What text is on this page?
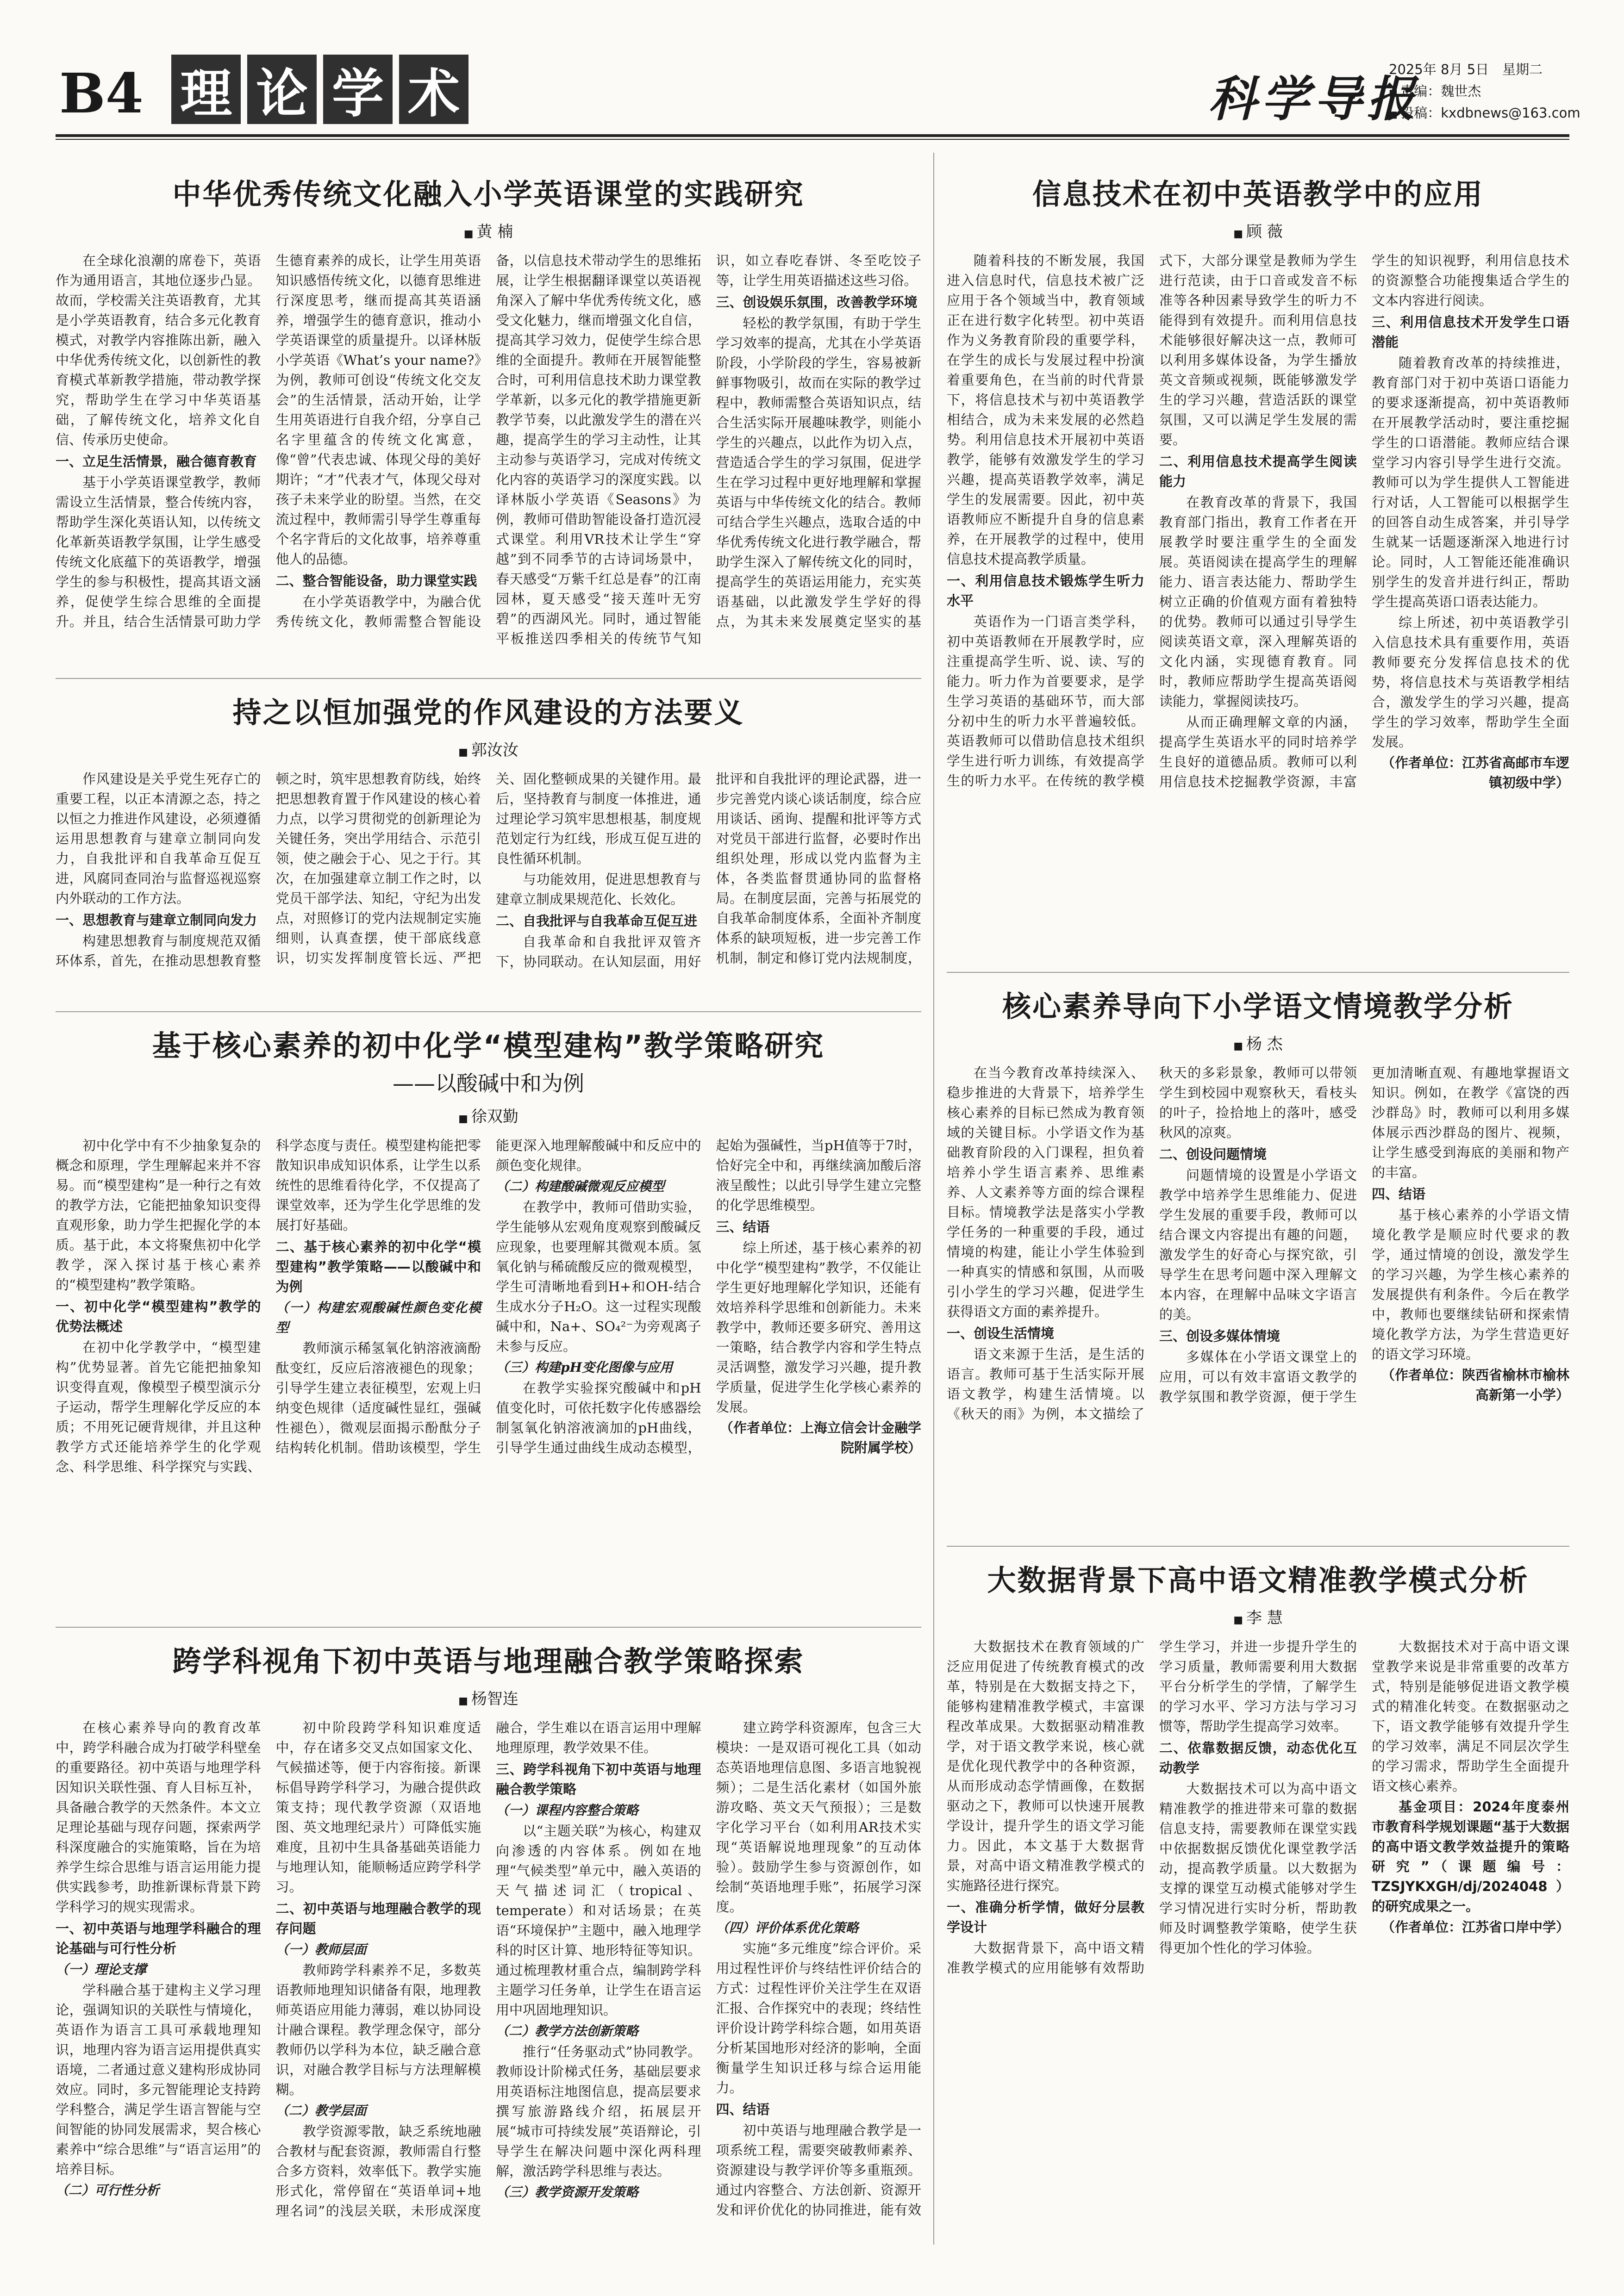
B4 理 论 学 术	科学导报
2025年 8月 5日　星期二
■ 责编：魏世杰
■ 投稿：kxdbnews@163.com
中华优秀传统文化融入小学英语课堂的实践研究
■ 黄 楠

在全球化浪潮的席卷下，英语作为通用语言，其地位逐步凸显。故而，学校需关注英语教育，尤其是小学英语教育，结合多元化教育模式，对教学内容推陈出新，融入中华优秀传统文化，以创新性的教育模式革新教学措施，带动教学探究，帮助学生在学习中华英语基础，了解传统文化，培养文化自信、传承历史使命。

一、立足生活情景，融合德育教育

基于小学英语课堂教学，教师需设立生活情景，整合传统内容，帮助学生深化英语认知，以传统文化革新英语教学氛围，让学生感受传统文化底蕴下的英语教学，增强学生的参与积极性，提高其语文涵养，促使学生综合思维的全面提升。并且，结合生活情景可助力学生德育素养的成长，让学生用英语知识感悟传统文化，以德育思维进行深度思考，继而提高其英语涵养，增强学生的德育意识，推动小学英语课堂的质量提升。以译林版小学英语《What’s your name?》为例，教师可创设“传统文化交友会”的生活情景，活动开始，让学生用英语进行自我介绍，分享自己名字里蕴含的传统文化寓意，像“曾”代表忠诚、体现父母的美好期许；“才”代表才气，体现父母对孩子未来学业的盼望。当然，在交流过程中，教师需引导学生尊重每个名字背后的文化故事，培养尊重他人的品德。

二、整合智能设备，助力课堂实践

在小学英语教学中，为融合优秀传统文化，教师需整合智能设备，以信息技术带动学生的思维拓展，让学生根据翻译课堂以英语视角深入了解中华优秀传统文化，感受文化魅力，继而增强文化自信，提高其学习效力，促使学生综合思维的全面提升。教师在开展智能整合时，可利用信息技术助力课堂教学革新，以多元化的教学措施更新教学节奏，以此激发学生的潜在兴趣，提高学生的学习主动性，让其主动参与英语学习，完成对传统文化内容的英语学习的深度实践。以译林版小学英语《Seasons》为例，教师可借助智能设备打造沉浸式课堂。利用VR技术让学生“穿越”到不同季节的古诗词场景中，春天感受“万紫千红总是春”的江南园林，夏天感受“接天莲叶无穷碧”的西湖风光。同时，通过智能平板推送四季相关的传统节气知识，如立春吃春饼、冬至吃饺子等，让学生用英语描述这些习俗。

三、创设娱乐氛围，改善教学环境

轻松的教学氛围，有助于学生学习效率的提高，尤其在小学英语阶段，小学阶段的学生，容易被新鲜事物吸引，故而在实际的教学过程中，教师需整合英语知识点，结合生活实际开展趣味教学，则能小学生的兴趣点，以此作为切入点，营造适合学生的学习氛围，促进学生在学习过程中更好地理解和掌握英语与中华传统文化的结合。教师可结合学生兴趣点，选取合适的中华优秀传统文化进行教学融合，帮助学生深入了解传统文化的同时，提高学生的英语运用能力，充实英语基础，以此激发学生学好的得点，为其未来发展奠定坚实的基

持之以恒加强党的作风建设的方法要义
■ 郭汝汝

作风建设是关乎党生死存亡的重要工程，以正本清源之态，持之以恒之力推进作风建设，必须遵循运用思想教育与建章立制同向发力，自我批评和自我革命互促互进，风腐同查同治与监督巡视巡察内外联动的工作方法。

一、思想教育与建章立制同向发力

构建思想教育与制度规范双循环体系，首先，在推动思想教育整顿之时，筑牢思想教育防线，始终把思想教育置于作风建设的核心着力点，以学习贯彻党的创新理论为关键任务，突出学用结合、示范引领，使之融会于心、见之于行。其次，在加强建章立制工作之时，以党员干部学法、知纪，守纪为出发点，对照修订的党内法规制定实施细则，认真查摆，使干部底线意识，切实发挥制度管长远、严把关、固化整顿成果的关键作用。最后，坚持教育与制度一体推进，通过理论学习筑牢思想根基，制度规范划定行为红线，形成互促互进的良性循环机制。

与功能效用，促进思想教育与建章立制成果规范化、长效化。

二、自我批评与自我革命互促互进

自我革命和自我批评双管齐下，协同联动。在认知层面，用好批评和自我批评的理论武器，进一步完善党内谈心谈话制度，综合应用谈话、函询、提醒和批评等方式对党员干部进行监督，必要时作出组织处理，形成以党内监督为主体，各类监督贯通协同的监督格局。在制度层面，完善与拓展党的自我革命制度体系，全面补齐制度体系的缺项短板，进一步完善工作机制，制定和修订党内法规制度，

基于核心素养的初中化学“模型建构”教学策略研究
——以酸碱中和为例
■ 徐双勤

初中化学中有不少抽象复杂的概念和原理，学生理解起来并不容易。而“模型建构”是一种行之有效的教学方法，它能把抽象知识变得直观形象，助力学生把握化学的本质。基于此，本文将聚焦初中化学教学，深入探讨基于核心素养的“模型建构”教学策略。

一、初中化学“模型建构”教学的优势法概述

在初中化学教学中，“模型建构”优势显著。首先它能把抽象知识变得直观，像模型子模型演示分子运动，帮学生理解化学反应的本质；不用死记硬背规律，并且这种教学方式还能培养学生的化学观念、科学思维、科学探究与实践、科学态度与责任。模型建构能把零散知识串成知识体系，让学生以系统性的思维看待化学，不仅提高了课堂效率，还为学生化学思维的发展打好基础。

二、基于核心素养的初中化学“模型建构”教学策略——以酸碱中和为例
（一）构建宏观酸碱性颜色变化模型

教师演示稀氢氧化钠溶液滴酚酞变红，反应后溶液褪色的现象；引导学生建立表征模型，宏观上归纳变色规律（适度碱性显红，强碱性褪色），微观层面揭示酚酞分子结构转化机制。借助该模型，学生能更深入地理解酸碱中和反应中的颜色变化规律。

（二）构建酸碱微观反应模型

在教学中，教师可借助实验，学生能够从宏观角度观察到酸碱反应现象，也要理解其微观本质。氢氧化钠与稀硫酸反应的微观模型，学生可清晰地看到H+和OH-结合生成水分子H₂O。这一过程实现酸碱中和，Na+、SO₄²⁻为旁观离子未参与反应。

（三）构建pH变化图像与应用

在教学实验探究酸碱中和pH值变化时，可依托数字化传感器绘制氢氧化钠溶液滴加的pH曲线，引导学生通过曲线生成动态模型，起始为强碱性，当pH值等于7时，恰好完全中和，再继续滴加酸后溶液呈酸性；以此引导学生建立完整的化学思维模型。

三、结语

综上所述，基于核心素养的初中化学“模型建构”教学，不仅能让学生更好地理解化学知识，还能有效培养科学思维和创新能力。未来教学中，教师还要多研究、善用这一策略，结合教学内容和学生特点灵活调整，激发学习兴趣，提升教学质量，促进学生化学核心素养的发展。

（作者单位：上海立信会计金融学院附属学校）

跨学科视角下初中英语与地理融合教学策略探索
■ 杨智连

在核心素养导向的教育改革中，跨学科融合成为打破学科壁垒的重要路径。初中英语与地理学科因知识关联性强、育人目标互补，具备融合教学的天然条件。本文立足理论基础与现存问题，探索两学科深度融合的实施策略，旨在为培养学生综合思维与语言运用能力提供实践参考，助推新课标背景下跨学科学习的规实现需求。

一、初中英语与地理学科融合的理论基础与可行性分析
（一）理论支撑

学科融合基于建构主义学习理论，强调知识的关联性与情境化，英语作为语言工具可承载地理知识，地理内容为语言运用提供真实语境，二者通过意义建构形成协同效应。同时，多元智能理论支持跨学科整合，满足学生语言智能与空间智能的协同发展需求，契合核心素养中“综合思维”与“语言运用”的培养目标。

（二）可行性分析

初中阶段跨学科知识难度适中，存在诸多交叉点如国家文化、气候描述等，便于内容衔接。新课标倡导跨学科学习，为融合提供政策支持；现代教学资源（双语地图、英文地理纪录片）可降低实施难度，且初中生具备基础英语能力与地理认知，能顺畅适应跨学科学习。

二、初中英语与地理融合教学的现存问题
（一）教师层面

教师跨学科素养不足，多数英语教师地理知识储备有限，地理教师英语应用能力薄弱，难以协同设计融合课程。教学理念保守，部分教师仍以学科为本位，缺乏融合意识，对融合教学目标与方法理解模糊。

（二）教学层面

教学资源零散，缺乏系统地融合教材与配套资源，教师需自行整合多方资料，效率低下。教学实施形式化，常停留在“英语单词+地理名词”的浅层关联，未形成深度融合，学生难以在语言运用中理解地理原理，教学效果不佳。

三、跨学科视角下初中英语与地理融合教学策略
（一）课程内容整合策略

以“主题关联”为核心，构建双向渗透的内容体系。例如在地理“气候类型”单元中，融入英语的天气描述词汇（tropical、temperate）和对话场景；在英语“环境保护”主题中，融入地理学科的时区计算、地形特征等知识。通过梳理教材重合点，编制跨学科主题学习任务单，让学生在语言运用中巩固地理知识。

（二）教学方法创新策略

推行“任务驱动式”协同教学。教师设计阶梯式任务，基础层要求用英语标注地图信息，提高层要求撰写旅游路线介绍，拓展层开展“城市可持续发展”英语辩论，引导学生在解决问题中深化两科理解，激活跨学科思维与表达。

（三）教学资源开发策略

建立跨学科资源库，包含三大模块：一是双语可视化工具（如动态英语地理信息图、多语言地貌视频）；二是生活化素材（如国外旅游攻略、英文天气预报）；三是数字化学习平台（如利用AR技术实现“英语解说地理现象”的互动体验）。鼓励学生参与资源创作，如绘制“英语地理手账”，拓展学习深度。

（四）评价体系优化策略

实施“多元维度”综合评价。采用过程性评价与终结性评价结合的方式：过程性评价关注学生在双语汇报、合作探究中的表现；终结性评价设计跨学科综合题，如用英语分析某国地形对经济的影响，全面衡量学生知识迁移与综合运用能力。

四、结语

初中英语与地理融合教学是一项系统工程，需要突破教师素养、资源建设与教学评价等多重瓶颈。通过内容整合、方法创新、资源开发和评价优化的协同推进，能有效

信息技术在初中英语教学中的应用
■ 顾 薇

随着科技的不断发展，我国进入信息时代，信息技术被广泛应用于各个领域当中，教育领域正在进行数字化转型。初中英语作为义务教育阶段的重要学科，在学生的成长与发展过程中扮演着重要角色，在当前的时代背景下，将信息技术与初中英语教学相结合，成为未来发展的必然趋势。利用信息技术开展初中英语教学，能够有效激发学生的学习兴趣，提高英语教学效率，满足学生的发展需要。因此，初中英语教师应不断提升自身的信息素养，在开展教学的过程中，使用信息技术提高教学质量。

一、利用信息技术锻炼学生听力水平

英语作为一门语言类学科，初中英语教师在开展教学时，应注重提高学生听、说、读、写的能力。听力作为首要要求，是学生学习英语的基础环节，而大部分初中生的听力水平普遍较低。英语教师可以借助信息技术组织学生进行听力训练，有效提高学生的听力水平。在传统的教学模式下，大部分课堂是教师为学生进行范读，由于口音或发音不标准等各种因素导致学生的听力不能得到有效提升。而利用信息技术能够很好解决这一点，教师可以利用多媒体设备，为学生播放英文音频或视频，既能够激发学生的学习兴趣，营造活跃的课堂氛围，又可以满足学生发展的需要。

二、利用信息技术提高学生阅读能力

在教育改革的背景下，我国教育部门指出，教育工作者在开展教学时要注重学生的全面发展。英语阅读在提高学生的理解能力、语言表达能力、帮助学生树立正确的价值观方面有着独特的优势。教师可以通过引导学生阅读英语文章，深入理解英语的文化内涵，实现德育教育。同时，教师应帮助学生提高英语阅读能力，掌握阅读技巧。

从而正确理解文章的内涵，提高学生英语水平的同时培养学生良好的道德品质。教师可以利用信息技术挖掘教学资源，丰富学生的知识视野，利用信息技术的资源整合功能搜集适合学生的文本内容进行阅读。

三、利用信息技术开发学生口语潜能

随着教育改革的持续推进，教育部门对于初中英语口语能力的要求逐渐提高，初中英语教师在开展教学活动时，要注重挖掘学生的口语潜能。教师应结合课堂学习内容引导学生进行交流。教师可以为学生提供人工智能进行对话，人工智能可以根据学生的回答自动生成答案，并引导学生就某一话题逐渐深入地进行讨论。同时，人工智能还能准确识别学生的发音并进行纠正，帮助学生提高英语口语表达能力。

综上所述，初中英语教学引入信息技术具有重要作用，英语教师要充分发挥信息技术的优势，将信息技术与英语教学相结合，激发学生的学习兴趣，提高学生的学习效率，帮助学生全面发展。

（作者单位：江苏省高邮市车逻镇初级中学）

核心素养导向下小学语文情境教学分析
■ 杨 杰

在当今教育改革持续深入、稳步推进的大背景下，培养学生核心素养的目标已然成为教育领域的关键目标。小学语文作为基础教育阶段的入门课程，担负着培养小学生语言素养、思维素养、人文素养等方面的综合课程目标。情境教学法是落实小学教学任务的一种重要的手段，通过情境的构建，能让小学生体验到一种真实的情感和氛围，从而吸引小学生的学习兴趣，促进学生获得语文方面的素养提升。

一、创设生活情境

语文来源于生活，是生活的语言。教师可基于生活实际开展语文教学，构建生活情境。以《秋天的雨》为例，本文描绘了秋天的多彩景象，教师可以带领学生到校园中观察秋天，看枝头的叶子，捡拾地上的落叶，感受秋风的凉爽。

二、创设问题情境

问题情境的设置是小学语文教学中培养学生思维能力、促进学生发展的重要手段，教师可以结合课文内容提出有趣的问题，激发学生的好奇心与探究欲，引导学生在思考问题中深入理解文本内容，在理解中品味文字语言的美。

三、创设多媒体情境

多媒体在小学语文课堂上的应用，可以有效丰富语文教学的教学氛围和教学资源，便于学生更加清晰直观、有趣地掌握语文知识。例如，在教学《富饶的西沙群岛》时，教师可以利用多媒体展示西沙群岛的图片、视频，让学生感受到海底的美丽和物产的丰富。

四、结语

基于核心素养的小学语文情境化教学是顺应时代要求的教学，通过情境的创设，激发学生的学习兴趣，为学生核心素养的发展提供有利条件。今后在教学中，教师也要继续钻研和探索情境化教学方法，为学生营造更好的语文学习环境。

（作者单位：陕西省榆林市榆林高新第一小学）

大数据背景下高中语文精准教学模式分析
■ 李 慧

大数据技术在教育领域的广泛应用促进了传统教育模式的改革，特别是在大数据支持之下，能够构建精准教学模式，丰富课程改革成果。大数据驱动精准教学，对于语文教学来说，核心就是优化现代教学中的各种资源，从而形成动态学情画像，在数据驱动之下，教师可以快速开展教学设计，提升学生的语文学习能力。因此，本文基于大数据背景，对高中语文精准教学模式的实施路径进行探究。

一、准确分析学情，做好分层教学设计

大数据背景下，高中语文精准教学模式的应用能够有效帮助学生学习，并进一步提升学生的学习质量，教师需要利用大数据平台分析学生的学情，了解学生的学习水平、学习方法与学习习惯等，帮助学生提高学习效率。

二、依靠数据反馈，动态优化互动教学

大数据技术可以为高中语文精准教学的推进带来可靠的数据信息支持，需要教师在课堂实践中依据数据反馈优化课堂教学活动，提高教学质量。以大数据为支撑的课堂互动模式能够对学生学习情况进行实时分析，帮助教师及时调整教学策略，使学生获得更加个性化的学习体验。

大数据技术对于高中语文课堂教学来说是非常重要的改革方式，特别是能够促进语文教学模式的精准化转变。在数据驱动之下，语文教学能够有效提升学生的学习效率，满足不同层次学生的学习需求，帮助学生全面提升语文核心素养。

基金项目：2024年度泰州市教育科学规划课题“基于大数据的高中语文教学效益提升的策略研究”（课题编号：TZSJYKXGH/dj/2024048）的研究成果之一。

（作者单位：江苏省口岸中学）
